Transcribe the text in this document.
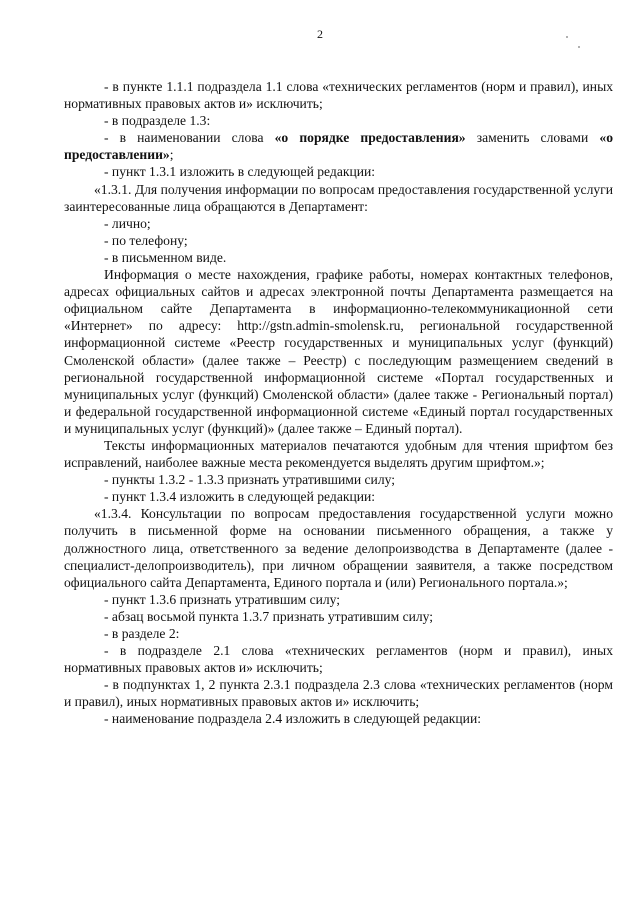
2

- в пункте 1.1.1 подраздела 1.1 слова «технических регламентов (норм и правил), иных нормативных правовых актов и» исключить;

- в подразделе 1.3:

- в наименовании слова «о порядке предоставления» заменить словами «о предоставлении»;

- пункт 1.3.1 изложить в следующей редакции:

«1.3.1. Для получения информации по вопросам предоставления государственной услуги заинтересованные лица обращаются в Департамент:

- лично;

- по телефону;

- в письменном виде.

Информация о месте нахождения, графике работы, номерах контактных телефонов, адресах официальных сайтов и адресах электронной почты Департамента размещается на официальном сайте Департамента в информационно-телекоммуникационной сети «Интернет» по адресу: http://gstn.admin-smolensk.ru, региональной государственной информационной системе «Реестр государственных и муниципальных услуг (функций) Смоленской области» (далее также – Реестр) с последующим размещением сведений в региональной государственной информационной системе «Портал государственных и муниципальных услуг (функций) Смоленской области» (далее также - Региональный портал) и федеральной государственной информационной системе «Единый портал государственных и муниципальных услуг (функций)» (далее также – Единый портал).

Тексты информационных материалов печатаются удобным для чтения шрифтом без исправлений, наиболее важные места рекомендуется выделять другим шрифтом.»;

- пункты 1.3.2 - 1.3.3 признать утратившими силу;

- пункт 1.3.4 изложить в следующей редакции:

«1.3.4. Консультации по вопросам предоставления государственной услуги можно получить в письменной форме на основании письменного обращения, а также у должностного лица, ответственного за ведение делопроизводства в Департаменте (далее - специалист-делопроизводитель), при личном обращении заявителя, а также посредством официального сайта Департамента, Единого портала и (или) Регионального портала.»;

- пункт 1.3.6 признать утратившим силу;

- абзац восьмой пункта 1.3.7 признать утратившим силу;

- в разделе 2:

- в подразделе 2.1 слова «технических регламентов (норм и правил), иных нормативных правовых актов и» исключить;

- в подпунктах 1, 2 пункта 2.3.1 подраздела 2.3 слова «технических регламентов (норм и правил), иных нормативных правовых актов и» исключить;

- наименование подраздела 2.4 изложить в следующей редакции:
